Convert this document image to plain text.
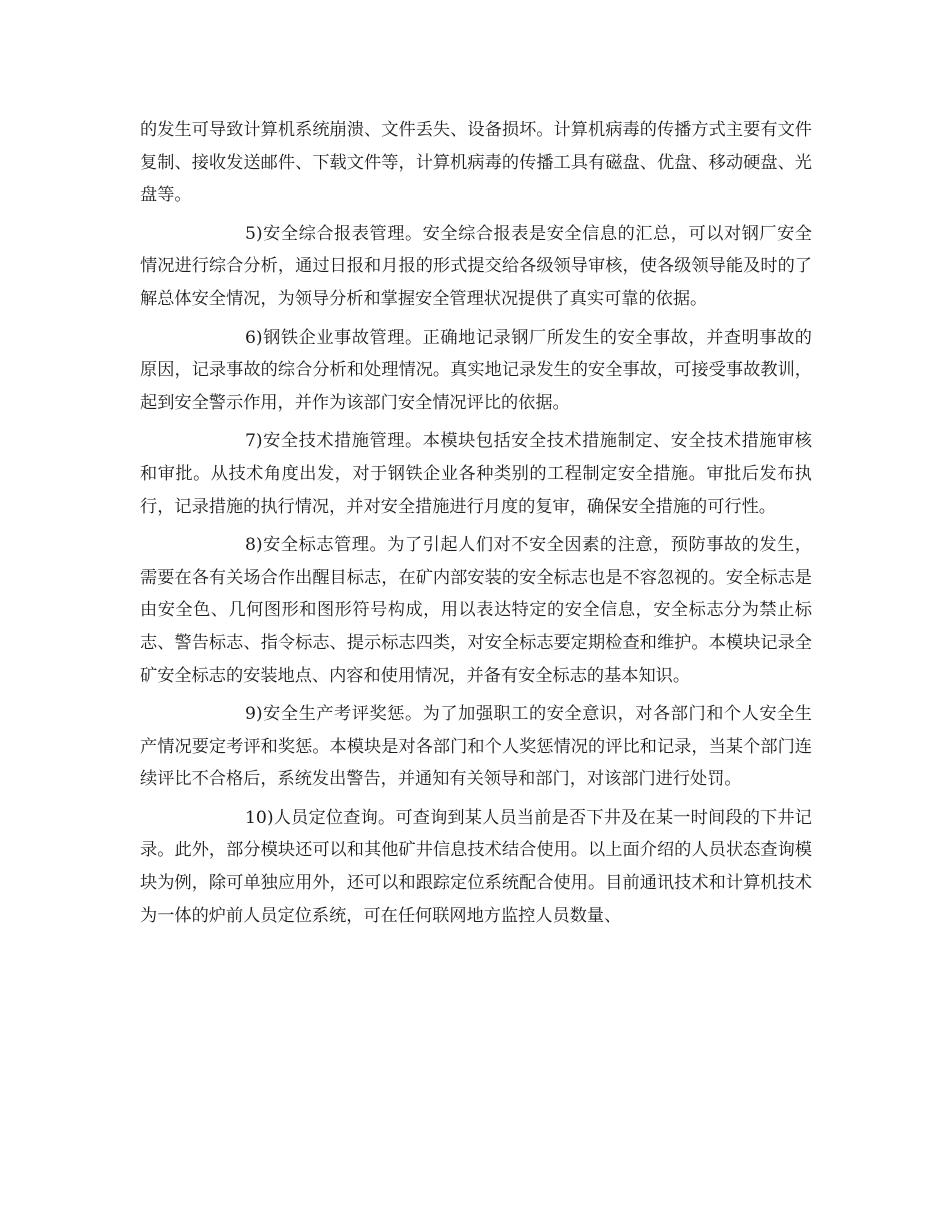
的发生可导致计算机系统崩溃、文件丢失、设备损坏。计算机病毒的传播方式主要有文件复制、接收发送邮件、下载文件等，计算机病毒的传播工具有磁盘、优盘、移动硬盘、光盘等。

5)安全综合报表管理。安全综合报表是安全信息的汇总，可以对钢厂安全情况进行综合分析，通过日报和月报的形式提交给各级领导审核，使各级领导能及时的了解总体安全情况，为领导分析和掌握安全管理状况提供了真实可靠的依据。

6)钢铁企业事故管理。正确地记录钢厂所发生的安全事故，并查明事故的原因，记录事故的综合分析和处理情况。真实地记录发生的安全事故，可接受事故教训，起到安全警示作用，并作为该部门安全情况评比的依据。

7)安全技术措施管理。本模块包括安全技术措施制定、安全技术措施审核和审批。从技术角度出发，对于钢铁企业各种类别的工程制定安全措施。审批后发布执行，记录措施的执行情况，并对安全措施进行月度的复审，确保安全措施的可行性。

8)安全标志管理。为了引起人们对不安全因素的注意，预防事故的发生，需要在各有关场合作出醒目标志，在矿内部安装的安全标志也是不容忽视的。安全标志是由安全色、几何图形和图形符号构成，用以表达特定的安全信息，安全标志分为禁止标志、警告标志、指令标志、提示标志四类，对安全标志要定期检查和维护。本模块记录全矿安全标志的安装地点、内容和使用情况，并备有安全标志的基本知识。

9)安全生产考评奖惩。为了加强职工的安全意识，对各部门和个人安全生产情况要定考评和奖惩。本模块是对各部门和个人奖惩情况的评比和记录，当某个部门连续评比不合格后，系统发出警告，并通知有关领导和部门，对该部门进行处罚。

10)人员定位查询。可查询到某人员当前是否下井及在某一时间段的下井记录。此外，部分模块还可以和其他矿井信息技术结合使用。以上面介绍的人员状态查询模块为例，除可单独应用外，还可以和跟踪定位系统配合使用。目前通讯技术和计算机技术为一体的炉前人员定位系统，可在任何联网地方监控人员数量、
